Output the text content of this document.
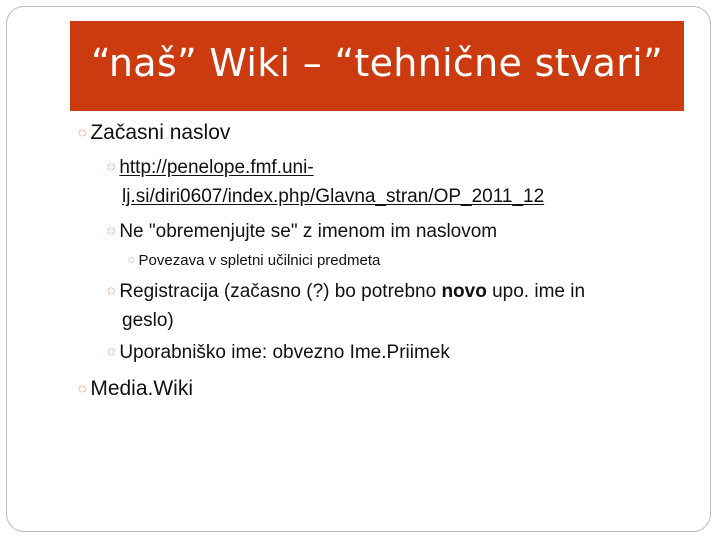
“naš” Wiki – “tehnične stvari”
◌ Začasni naslov
◌ http://penelope.fmf.uni-
lj.si/diri0607/index.php/Glavna_stran/OP_2011_12
◌ Ne "obremenjujte se" z imenom im naslovom
◌ Povezava v spletni učilnici predmeta
◌ Registracija (začasno (?) bo potrebno novo upo. ime in
geslo)
◌ Uporabniško ime: obvezno Ime.Priimek
◌ Media.Wiki
